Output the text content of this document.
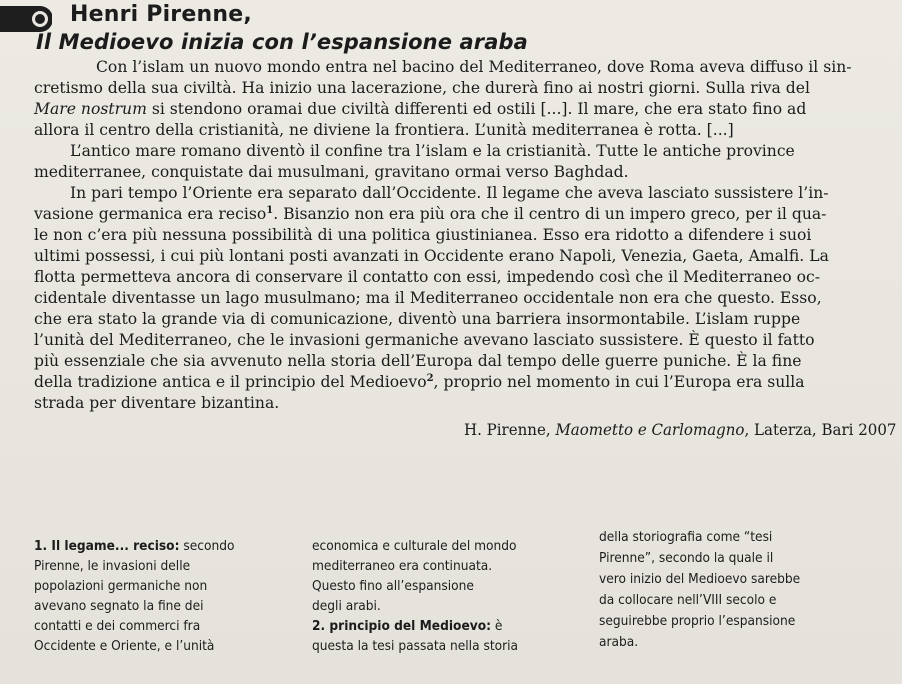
Henri Pirenne,
Il Medioevo inizia con l’espansione araba
Con l’islam un nuovo mondo entra nel bacino del Mediterraneo, dove Roma aveva diffuso il sin-
cretismo della sua civiltà. Ha inizio una lacerazione, che durerà fino ai nostri giorni. Sulla riva del
Mare nostrum si stendono oramai due civiltà differenti ed ostili [...]. Il mare, che era stato fino ad
allora il centro della cristianità, ne diviene la frontiera. L’unità mediterranea è rotta. [...]
L’antico mare romano diventò il confine tra l’islam e la cristianità. Tutte le antiche province
mediterranee, conquistate dai musulmani, gravitano ormai verso Baghdad.
In pari tempo l’Oriente era separato dall’Occidente. Il legame che aveva lasciato sussistere l’in-
vasione germanica era reciso$^1$. Bisanzio non era più ora che il centro di un impero greco, per il qua-
le non c’era più nessuna possibilità di una politica giustinianea. Esso era ridotto a difendere i suoi
ultimi possessi, i cui più lontani posti avanzati in Occidente erano Napoli, Venezia, Gaeta, Amalfi. La
flotta permetteva ancora di conservare il contatto con essi, impedendo così che il Mediterraneo oc-
cidentale diventasse un lago musulmano; ma il Mediterraneo occidentale non era che questo. Esso,
che era stato la grande via di comunicazione, diventò una barriera insormontabile. L’islam ruppe
l’unità del Mediterraneo, che le invasioni germaniche avevano lasciato sussistere. È questo il fatto
più essenziale che sia avvenuto nella storia dell’Europa dal tempo delle guerre puniche. È la fine
della tradizione antica e il principio del Medioevo$^2$, proprio nel momento in cui l’Europa era sulla
strada per diventare bizantina.
H. Pirenne, Maometto e Carlomagno, Laterza, Bari 2007
1. Il legame... reciso: secondo
Pirenne, le invasioni delle
popolazioni germaniche non
avevano segnato la fine dei
contatti e dei commerci fra
Occidente e Oriente, e l’unità
economica e culturale del mondo
mediterraneo era continuata.
Questo fino all’espansione
degli arabi.
2. principio del Medioevo: è
questa la tesi passata nella storia
della storiografia come “tesi
Pirenne”, secondo la quale il
vero inizio del Medioevo sarebbe
da collocare nell’VIII secolo e
seguirebbe proprio l’espansione
araba.
